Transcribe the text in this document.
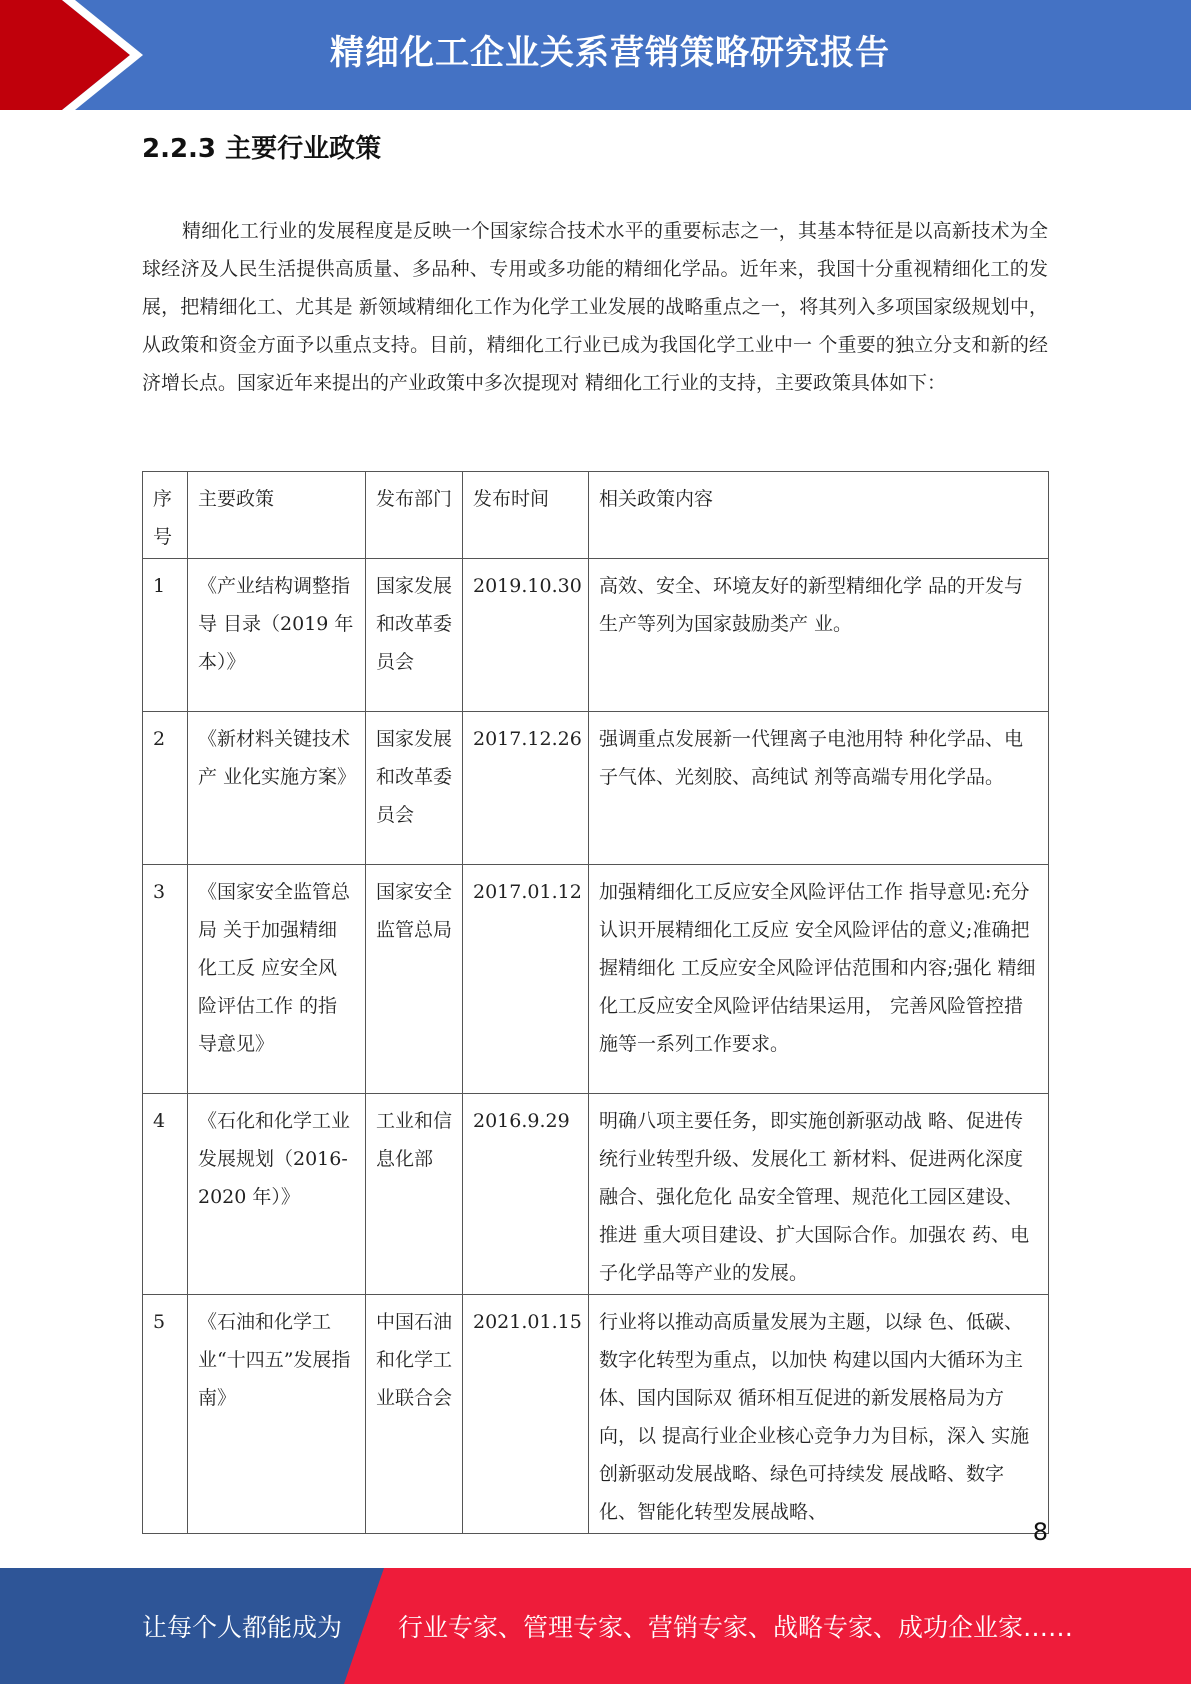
精细化工企业关系营销策略研究报告
2.2.3 主要行业政策

精细化工行业的发展程度是反映一个国家综合技术水平的重要标志之一，其基本特征是以高新技术为全球经济及人民生活提供高质量、多品种、专用或多功能的精细化学品。近年来，我国十分重视精细化工的发展，把精细化工、尤其是 新领域精细化工作为化学工业发展的战略重点之一，将其列入多项国家级规划中，从政策和资金方面予以重点支持。目前，精细化工行业已成为我国化学工业中一 个重要的独立分支和新的经济增长点。国家近年来提出的产业政策中多次提现对 精细化工行业的支持，主要政策具体如下：

序号	主要政策	发布部门	发布时间	相关政策内容
1	《产业结构调整指导 目录（2019 年本）》	国家发展 和改革委 员会	2019.10.30	高效、安全、环境友好的新型精细化学 品的开发与生产等列为国家鼓励类产 业。
2	《新材料关键技术产 业化实施方案》	国家发展 和改革委 员会	2017.12.26	强调重点发展新一代锂离子电池用特 种化学品、电子气体、光刻胶、高纯试 剂等高端专用化学品。
3	《国家安全监管总局 关于加强精细化工反 应安全风险评估工作 的指导意见》	国家安全 监管总局	2017.01.12	加强精细化工反应安全风险评估工作 指导意见:充分认识开展精细化工反应 安全风险评估的意义;准确把握精细化 工反应安全风险评估范围和内容;强化 精细化工反应安全风险评估结果运用， 完善风险管控措施等一系列工作要求。
4	《石化和化学工业发展规划（2016-2020 年）》	工业和信息化部	2016.9.29	明确八项主要任务，即实施创新驱动战 略、促进传统行业转型升级、发展化工 新材料、促进两化深度融合、强化危化 品安全管理、规范化工园区建设、推进 重大项目建设、扩大国际合作。加强农 药、电子化学品等产业的发展。
5	《石油和化学工业“十四五”发展指 南》	中国石油 和化学工 业联合会	2021.01.15	行业将以推动高质量发展为主题，以绿 色、低碳、数字化转型为重点，以加快 构建以国内大循环为主体、国内国际双 循环相互促进的新发展格局为方向，以 提高行业企业核心竞争力为目标，深入 实施创新驱动发展战略、绿色可持续发 展战略、数字化、智能化转型发展战略、
8
让每个人都能成为 行业专家、管理专家、营销专家、战略专家、成功企业家……
